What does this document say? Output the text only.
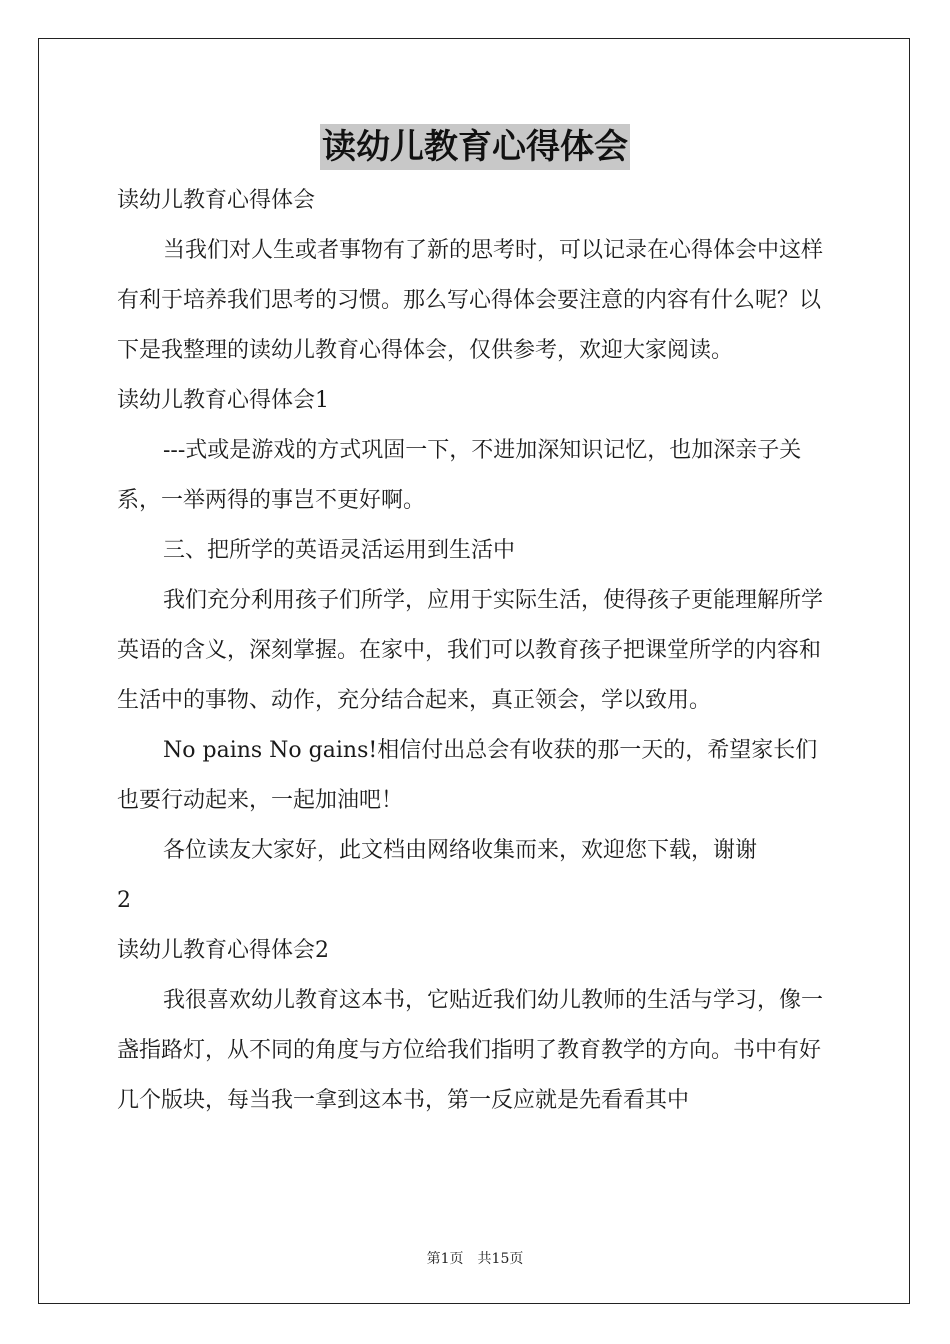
读幼儿教育心得体会

读幼儿教育心得体会

当我们对人生或者事物有了新的思考时，可以记录在心得体会中这样有利于培养我们思考的习惯。那么写心得体会要注意的内容有什么呢？以下是我整理的读幼儿教育心得体会，仅供参考，欢迎大家阅读。

读幼儿教育心得体会1

---式或是游戏的方式巩固一下，不进加深知识记忆，也加深亲子关系，一举两得的事岂不更好啊。

三、把所学的英语灵活运用到生活中

我们充分利用孩子们所学，应用于实际生活，使得孩子更能理解所学英语的含义，深刻掌握。在家中，我们可以教育孩子把课堂所学的内容和生活中的事物、动作，充分结合起来，真正领会，学以致用。

No pains No gains!相信付出总会有收获的那一天的，希望家长们也要行动起来，一起加油吧！

各位读友大家好，此文档由网络收集而来，欢迎您下载，谢谢

2

读幼儿教育心得体会2

我很喜欢幼儿教育这本书，它贴近我们幼儿教师的生活与学习，像一盏指路灯，从不同的角度与方位给我们指明了教育教学的方向。书中有好几个版块，每当我一拿到这本书，第一反应就是先看看其中

第1页 共15页
